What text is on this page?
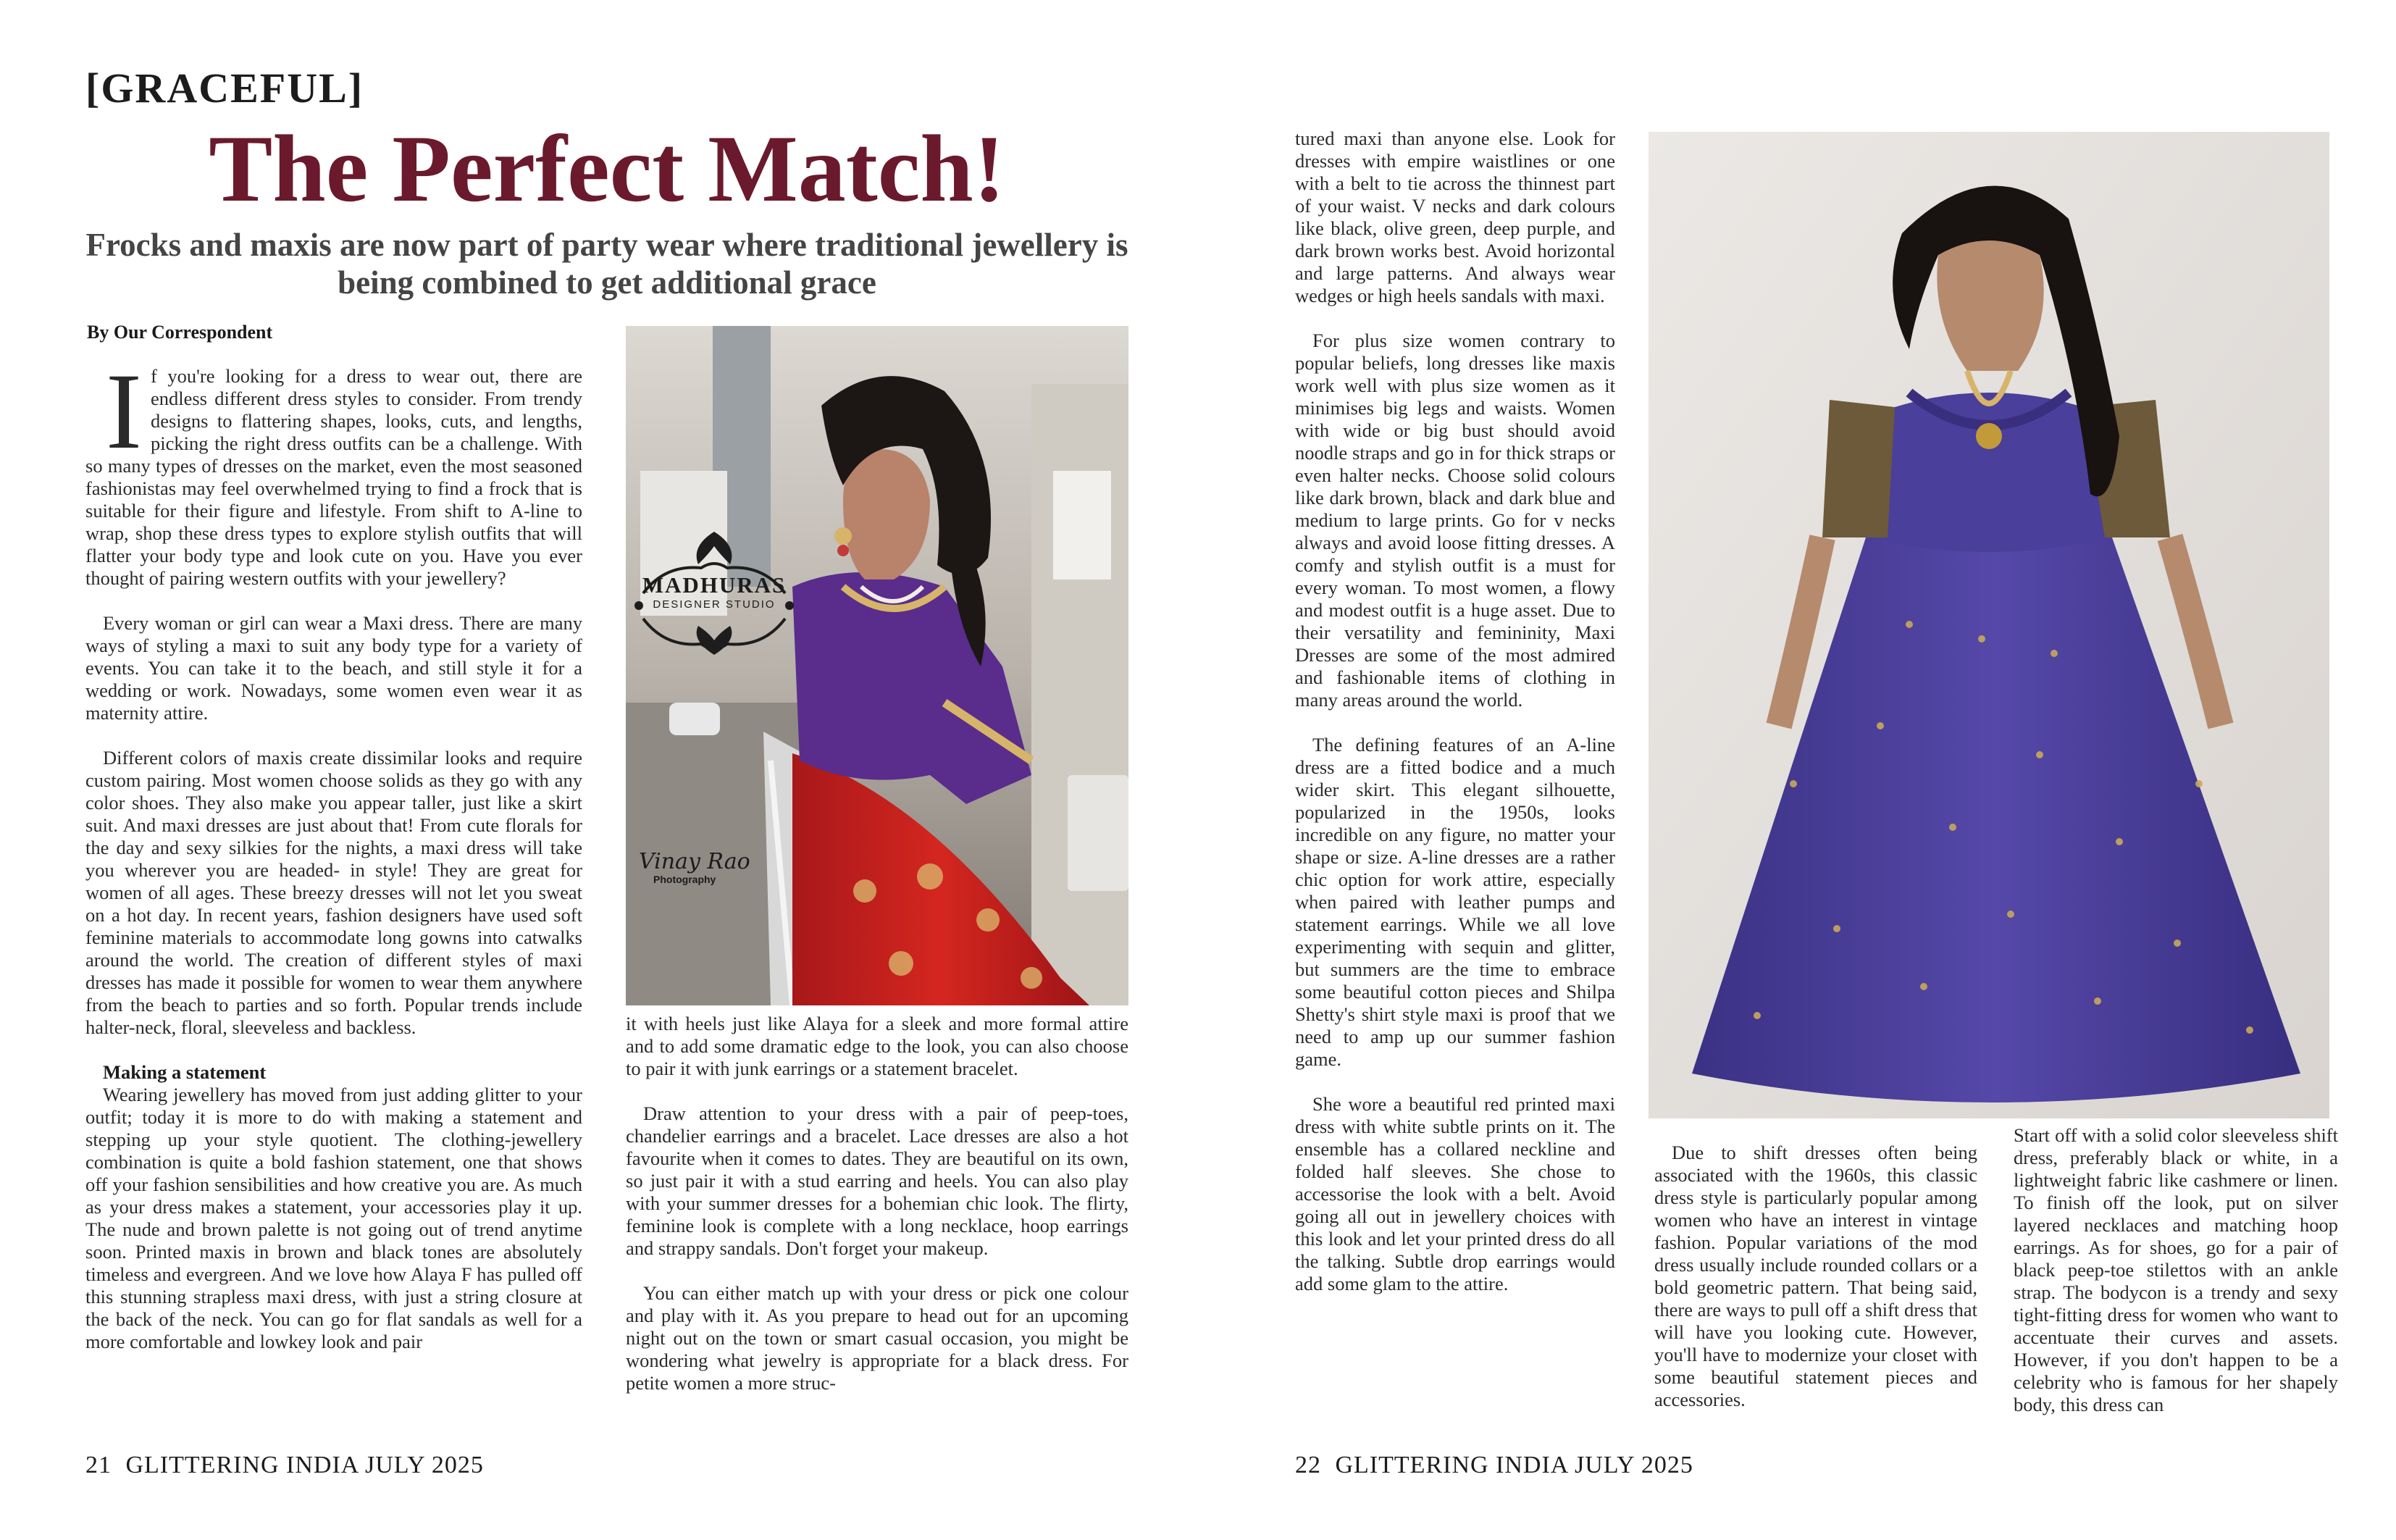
[GRACEFUL]
The Perfect Match!
Frocks and maxis are now part of party wear where traditional jewellery is being combined to get additional grace
By Our Correspondent

If you're looking for a dress to wear out, there are endless different dress styles to consider. From trendy designs to flattering shapes, looks, cuts, and lengths, picking the right dress outfits can be a challenge. With so many types of dresses on the market, even the most seasoned fashionistas may feel overwhelmed trying to find a frock that is suitable for their figure and lifestyle. From shift to A-line to wrap, shop these dress types to explore stylish outfits that will flatter your body type and look cute on you. Have you ever thought of pairing western outfits with your jewellery?

Every woman or girl can wear a Maxi dress. There are many ways of styling a maxi to suit any body type for a variety of events. You can take it to the beach, and still style it for a wedding or work. Nowadays, some women even wear it as maternity attire.

Different colors of maxis create dissimilar looks and require custom pairing. Most women choose solids as they go with any color shoes. They also make you appear taller, just like a skirt suit. And maxi dresses are just about that! From cute florals for the day and sexy silkies for the nights, a maxi dress will take you wherever you are headed- in style! They are great for women of all ages. These breezy dresses will not let you sweat on a hot day. In recent years, fashion designers have used soft feminine materials to accommodate long gowns into catwalks around the world. The creation of different styles of maxi dresses has made it possible for women to wear them anywhere from the beach to parties and so forth. Popular trends include halter-neck, floral, sleeveless and backless.

Making a statement

Wearing jewellery has moved from just adding glitter to your outfit; today it is more to do with making a statement and stepping up your style quotient. The clothing-jewellery combination is quite a bold fashion statement, one that shows off your fashion sensibilities and how creative you are. As much as your dress makes a statement, your accessories play it up. The nude and brown palette is not going out of trend anytime soon. Printed maxis in brown and black tones are absolutely timeless and evergreen. And we love how Alaya F has pulled off this stunning strapless maxi dress, with just a string closure at the back of the neck. You can go for flat sandals as well for a more comfortable and lowkey look and pair

MADHURAS
DESIGNER STUDIO
Vinay Rao
Photography

it with heels just like Alaya for a sleek and more formal attire and to add some dramatic edge to the look, you can also choose to pair it with junk earrings or a statement bracelet.

Draw attention to your dress with a pair of peep-toes, chandelier earrings and a bracelet. Lace dresses are also a hot favourite when it comes to dates. They are beautiful on its own, so just pair it with a stud earring and heels. You can also play with your summer dresses for a bohemian chic look. The flirty, feminine look is complete with a long necklace, hoop earrings and strappy sandals. Don't forget your makeup.

You can either match up with your dress or pick one colour and play with it. As you prepare to head out for an upcoming night out on the town or smart casual occasion, you might be wondering what jewelry is appropriate for a black dress. For petite women a more struc-

21 GLITTERING INDIA JULY 2025

tured maxi than anyone else. Look for dresses with empire waistlines or one with a belt to tie across the thinnest part of your waist. V necks and dark colours like black, olive green, deep purple, and dark brown works best. Avoid horizontal and large patterns. And always wear wedges or high heels sandals with maxi.

For plus size women contrary to popular beliefs, long dresses like maxis work well with plus size women as it minimises big legs and waists. Women with wide or big bust should avoid noodle straps and go in for thick straps or even halter necks. Choose solid colours like dark brown, black and dark blue and medium to large prints. Go for v necks always and avoid loose fitting dresses. A comfy and stylish outfit is a must for every woman. To most women, a flowy and modest outfit is a huge asset. Due to their versatility and femininity, Maxi Dresses are some of the most admired and fashionable items of clothing in many areas around the world.

The defining features of an A-line dress are a fitted bodice and a much wider skirt. This elegant silhouette, popularized in the 1950s, looks incredible on any figure, no matter your shape or size. A-line dresses are a rather chic option for work attire, especially when paired with leather pumps and statement earrings. While we all love experimenting with sequin and glitter, but summers are the time to embrace some beautiful cotton pieces and Shilpa Shetty's shirt style maxi is proof that we need to amp up our summer fashion game.

She wore a beautiful red printed maxi dress with white subtle prints on it. The ensemble has a collared neckline and folded half sleeves. She chose to accessorise the look with a belt. Avoid going all out in jewellery choices with this look and let your printed dress do all the talking. Subtle drop earrings would add some glam to the attire.

Due to shift dresses often being associated with the 1960s, this classic dress style is particularly popular among women who have an interest in vintage fashion. Popular variations of the mod dress usually include rounded collars or a bold geometric pattern. That being said, there are ways to pull off a shift dress that will have you looking cute. However, you'll have to modernize your closet with some beautiful statement pieces and accessories.

Start off with a solid color sleeveless shift dress, preferably black or white, in a lightweight fabric like cashmere or linen. To finish off the look, put on silver layered necklaces and matching hoop earrings. As for shoes, go for a pair of black peep-toe stilettos with an ankle strap. The bodycon is a trendy and sexy tight-fitting dress for women who want to accentuate their curves and assets. However, if you don't happen to be a celebrity who is famous for her shapely body, this dress can

22 GLITTERING INDIA JULY 2025
